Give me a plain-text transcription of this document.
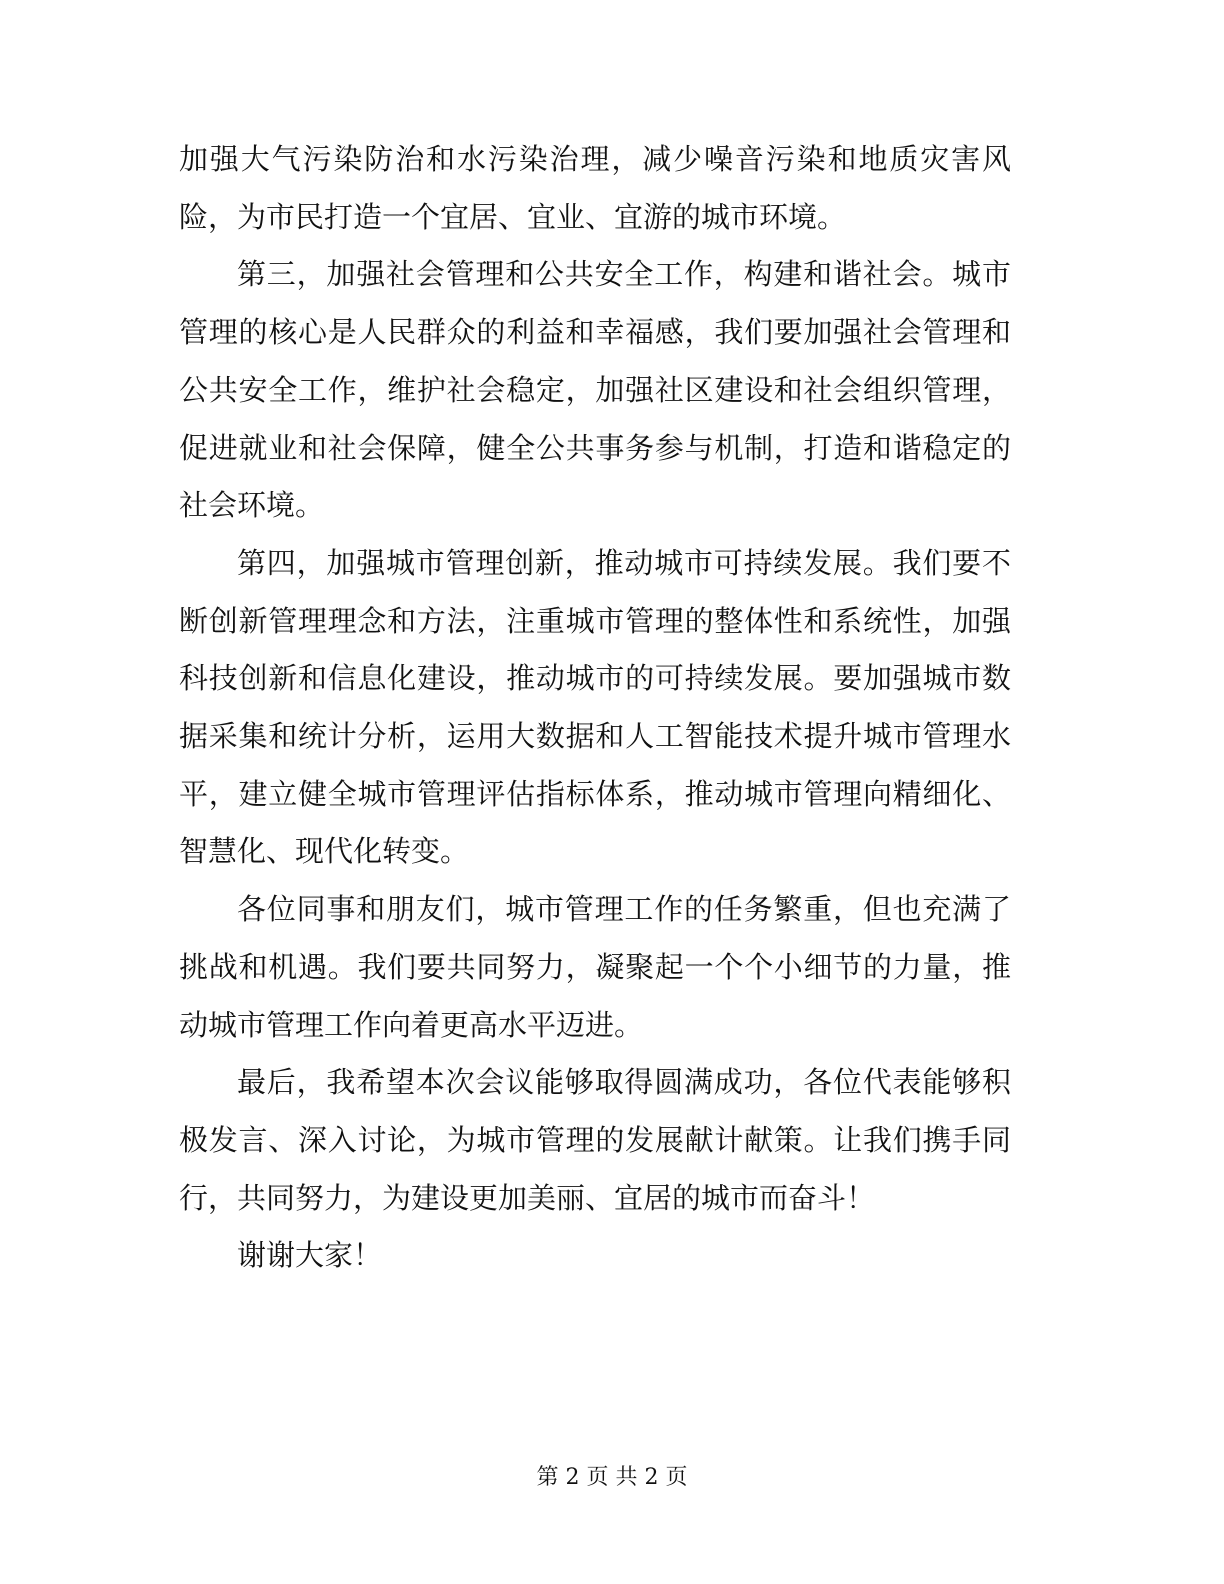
加强大气污染防治和水污染治理，减少噪音污染和地质灾害风险，为市民打造一个宜居、宜业、宜游的城市环境。

第三，加强社会管理和公共安全工作，构建和谐社会。城市管理的核心是人民群众的利益和幸福感，我们要加强社会管理和公共安全工作，维护社会稳定，加强社区建设和社会组织管理，促进就业和社会保障，健全公共事务参与机制，打造和谐稳定的社会环境。

第四，加强城市管理创新，推动城市可持续发展。我们要不断创新管理理念和方法，注重城市管理的整体性和系统性，加强科技创新和信息化建设，推动城市的可持续发展。要加强城市数据采集和统计分析，运用大数据和人工智能技术提升城市管理水平，建立健全城市管理评估指标体系，推动城市管理向精细化、智慧化、现代化转变。

各位同事和朋友们，城市管理工作的任务繁重，但也充满了挑战和机遇。我们要共同努力，凝聚起一个个小细节的力量，推动城市管理工作向着更高水平迈进。

最后，我希望本次会议能够取得圆满成功，各位代表能够积极发言、深入讨论，为城市管理的发展献计献策。让我们携手同行，共同努力，为建设更加美丽、宜居的城市而奋斗！

谢谢大家！

第 2 页 共 2 页
